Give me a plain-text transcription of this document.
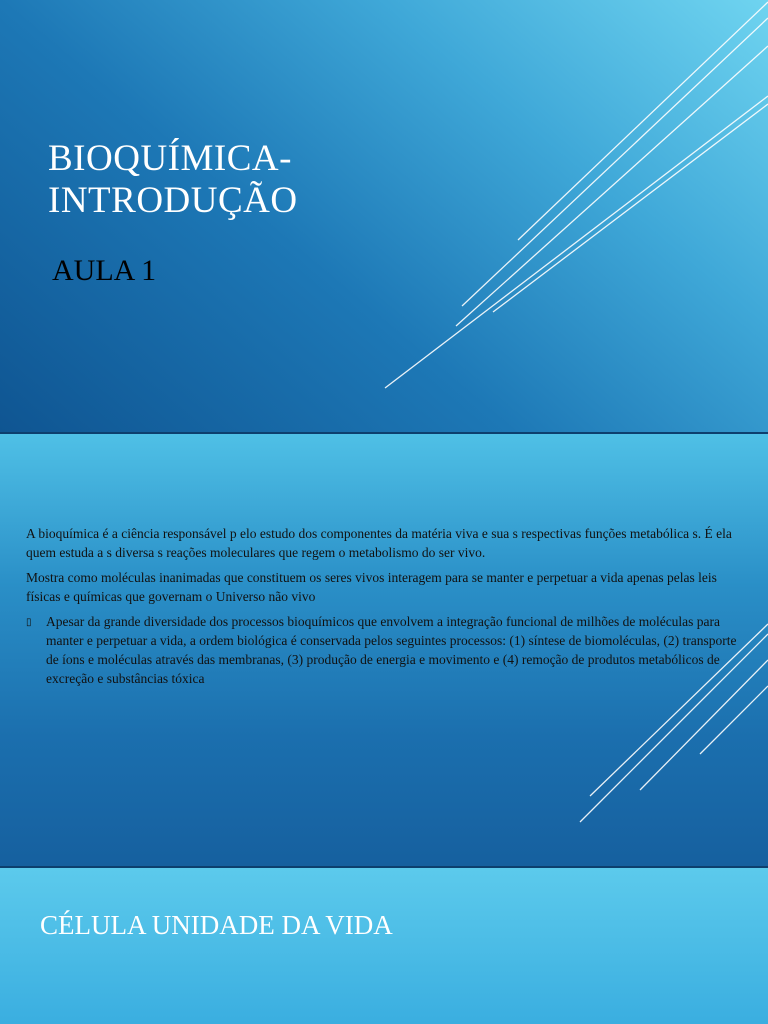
BIOQUÍMICA-
INTRODUÇÃO
AULA 1

A bioquímica é a ciência responsável p elo estudo dos componentes da matéria viva e sua s respectivas funções metabólica s. É ela quem estuda a s diversa s reações moleculares que regem o metabolismo do ser vivo.

Mostra como moléculas inanimadas que constituem os seres vivos interagem para se manter e perpetuar a vida apenas pelas leis físicas e químicas que governam o Universo não vivo

▯ Apesar da grande diversidade dos processos bioquímicos que envolvem a integração funcional de milhões de moléculas para manter e perpetuar a vida, a ordem biológica é conservada pelos seguintes processos: (1) síntese de biomoléculas, (2) transporte de íons e moléculas através das membranas, (3) produção de energia e movimento e (4) remoção de produtos metabólicos de excreção e substâncias tóxica

CÉLULA UNIDADE DA VIDA
